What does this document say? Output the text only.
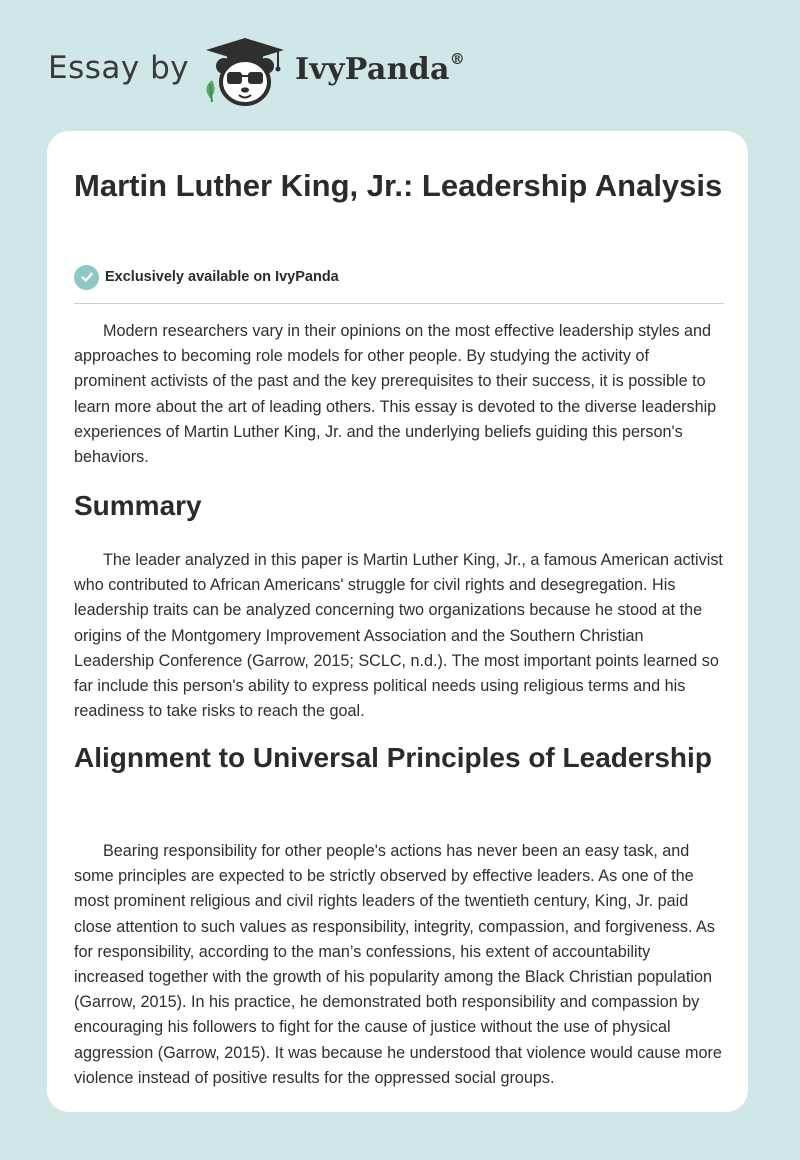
Essay by	IvyPanda®
Martin Luther King, Jr.: Leadership Analysis
Exclusively available on IvyPanda

Modern researchers vary in their opinions on the most effective leadership styles and approaches to becoming role models for other people. By studying the activity of prominent activists of the past and the key prerequisites to their success, it is possible to learn more about the art of leading others. This essay is devoted to the diverse leadership experiences of Martin Luther King, Jr. and the underlying beliefs guiding this person's behaviors.

Summary

The leader analyzed in this paper is Martin Luther King, Jr., a famous American activist who contributed to African Americans' struggle for civil rights and desegregation. His leadership traits can be analyzed concerning two organizations because he stood at the origins of the Montgomery Improvement Association and the Southern Christian Leadership Conference (Garrow, 2015; SCLC, n.d.). The most important points learned so far include this person's ability to express political needs using religious terms and his readiness to take risks to reach the goal.

Alignment to Universal Principles of Leadership

Bearing responsibility for other people's actions has never been an easy task, and some principles are expected to be strictly observed by effective leaders. As one of the most prominent religious and civil rights leaders of the twentieth century, King, Jr. paid close attention to such values as responsibility, integrity, compassion, and forgiveness. As for responsibility, according to the man’s confessions, his extent of accountability increased together with the growth of his popularity among the Black Christian population (Garrow, 2015). In his practice, he demonstrated both responsibility and compassion by encouraging his followers to fight for the cause of justice without the use of physical aggression (Garrow, 2015). It was because he understood that violence would cause more violence instead of positive results for the oppressed social groups.
